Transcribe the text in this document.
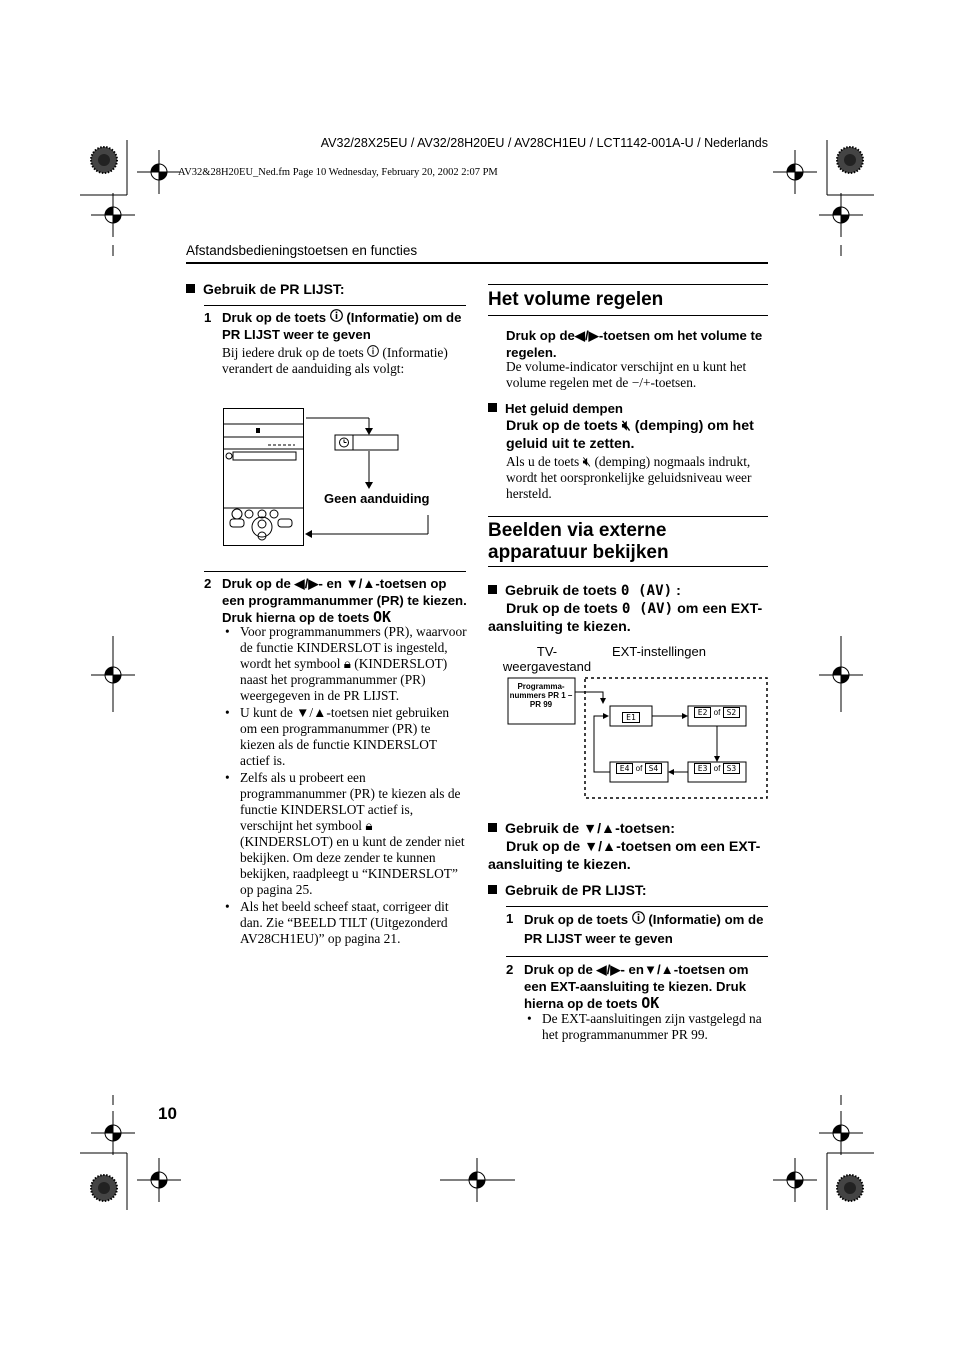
AV32/28X25EU / AV32/28H20EU / AV28CH1EU / LCT1142-001A-U / Nederlands
AV32&28H20EU_Ned.fm Page 10 Wednesday, February 20, 2002 2:07 PM
Afstandsbedieningstoetsen en functies
Gebruik de PR LIJST:
1 Druk op de toets (Informatie) om de PR LIJST weer te geven
Bij iedere druk op de toets (Informatie) verandert de aanduiding als volgt:
Geen aanduiding
2 Druk op de ◀/▶- en ▼/▲-toetsen op een programmanummer (PR) te kiezen. Druk hierna op de toets OK
• Voor programmanummers (PR), waarvoor de functie KINDERSLOT is ingesteld, wordt het symbool 🔒︎ (KINDERSLOT) naast het programmanummer (PR) weergegeven in de PR LIJST.
• U kunt de ▼/▲-toetsen niet gebruiken om een programmanummer (PR) te kiezen als de functie KINDERSLOT actief is.
• Zelfs als u probeert een programmanummer (PR) te kiezen als de functie KINDERSLOT actief is, verschijnt het symbool 🔒︎ (KINDERSLOT) en u kunt de zender niet bekijken. Om deze zender te kunnen bekijken, raadpleegt u “KINDERSLOT” op pagina 25.
• Als het beeld scheef staat, corrigeer dit dan. Zie “BEELD TILT (Uitgezonderd AV28CH1EU)” op pagina 21.
Het volume regelen
Druk op de◀/▶-toetsen om het volume te regelen.
De volume-indicator verschijnt en u kunt het volume regelen met de −/+-toetsen.
Het geluid dempen
Druk op de toets 🔇︎ (demping) om het geluid uit te zetten.
Als u de toets 🔇︎ (demping) nogmaals indrukt, wordt het oorspronkelijke geluidsniveau weer hersteld.
Beelden via externe apparatuur bekijken
Gebruik de toets 0 (AV) :
Druk op de toets 0 (AV) om een EXT-aansluiting te kiezen.
TV-weergavestand
EXT-instellingen
Programma-nummers PR 1 – PR 99
E1
E2 of S2
E4 of S4	E3 of S3
Gebruik de ▼/▲-toetsen:
Druk op de ▼/▲-toetsen om een EXT-aansluiting te kiezen.
Gebruik de PR LIJST:
1 Druk op de toets (Informatie) om de PR LIJST weer te geven
2 Druk op de ◀/▶- en▼/▲-toetsen om een EXT-aansluiting te kiezen. Druk hierna op de toets OK
• De EXT-aansluitingen zijn vastgelegd na het programmanummer PR 99.
10
